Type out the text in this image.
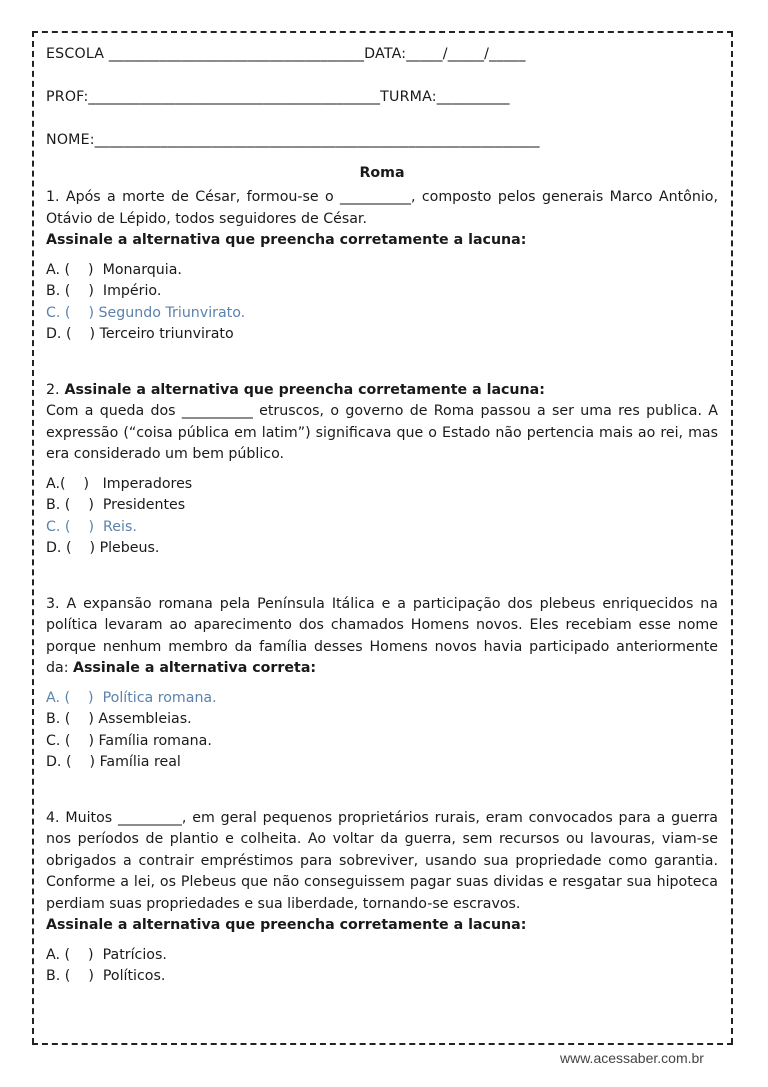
ESCOLA ___________________________________DATA:_____/_____/_____
PROF:________________________________________TURMA:__________
NOME:_____________________________________________________________
Roma
1. Após a morte de César, formou-se o __________, composto pelos generais Marco Antônio, Otávio de Lépido, todos seguidores de César.
Assinale a alternativa que preencha corretamente a lacuna:
A. (    )  Monarquia.
B. (    )  Império.
C. (    ) Segundo Triunvirato.
D. (    ) Terceiro triunvirato
2. Assinale a alternativa que preencha corretamente a lacuna:
Com a queda dos __________ etruscos, o governo de Roma passou a ser uma res publica. A expressão (“coisa pública em latim”) significava que o Estado não pertencia mais ao rei, mas era considerado um bem público.
A.(    )   Imperadores
B. (    )  Presidentes
C. (    )  Reis.
D. (    ) Plebeus.
3. A expansão romana pela Península Itálica e a participação dos plebeus enriquecidos na política levaram ao aparecimento dos chamados Homens novos. Eles recebiam esse nome porque nenhum membro da família desses Homens novos havia participado anteriormente da: Assinale a alternativa correta:
A. (    )  Política romana.
B. (    ) Assembleias.
C. (    ) Família romana.
D. (    ) Família real
4. Muitos _________, em geral pequenos proprietários rurais, eram convocados para a guerra nos períodos de plantio e colheita. Ao voltar da guerra, sem recursos ou lavouras, viam-se obrigados a contrair empréstimos para sobreviver, usando sua propriedade como garantia. Conforme a lei, os Plebeus que não conseguissem pagar suas dividas e resgatar sua hipoteca perdiam suas propriedades e sua liberdade, tornando-se escravos.
Assinale a alternativa que preencha corretamente a lacuna:
A. (    )  Patrícios.
B. (    )  Políticos.
www.acessaber.com.br
